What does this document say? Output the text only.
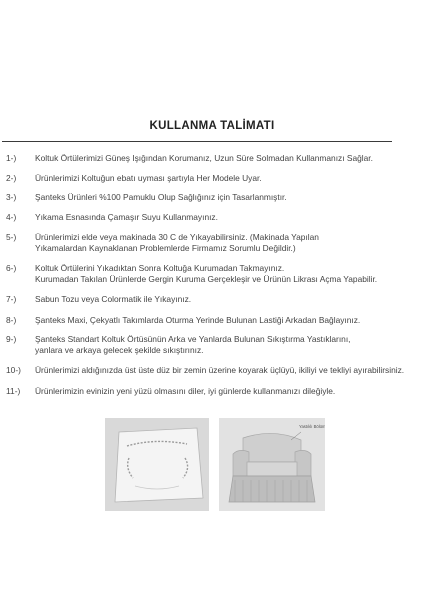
KULLANMA TALİMATI
1-)	Koltuk Örtülerimizi Güneş Işığından Korumanız, Uzun Süre Solmadan Kullanmanızı Sağlar.
2-)	Ürünlerimizi Koltuğun ebatı uyması şartıyla Her Modele Uyar.
3-)	Şanteks Ürünleri %100 Pamuklu Olup Sağlığınız için Tasarlanmıştır.
4-)	Yıkama Esnasında Çamaşır Suyu Kullanmayınız.
5-)	Ürünlerimizi elde veya makinada 30 C de Yıkayabilirsiniz. (Makinada Yapılan
Yıkamalardan Kaynaklanan Problemlerde Firmamız Sorumlu Değildir.)
6-)	Koltuk Örtülerini Yıkadıktan Sonra Koltuğa Kurumadan Takmayınız.
Kurumadan Takılan Ürünlerde Gergin Kuruma Gerçekleşir ve Ürünün Likrası Açma Yapabilir.
7-)	Sabun Tozu veya Colormatik ile Yıkayınız.
8-)	Şanteks Maxi, Çekyatlı Takımlarda Oturma Yerinde Bulunan Lastiği Arkadan Bağlayınız.
9-)	Şanteks Standart Koltuk Örtüsünün Arka ve Yanlarda Bulunan Sıkıştırma Yastıklarını,
yanlara ve arkaya gelecek şekilde sıkıştırınız.
10-)	Ürünlerimizi aldığınızda üst üste düz bir zemin üzerine koyarak üçlüyü, ikiliyi ve tekliyi ayırabilirsiniz.
11-)	Ürünlerimizin evinizin yeni yüzü olmasını diler, iyi günlerde kullanmanızı dileğiyle.
Yastıklı Bölüm
